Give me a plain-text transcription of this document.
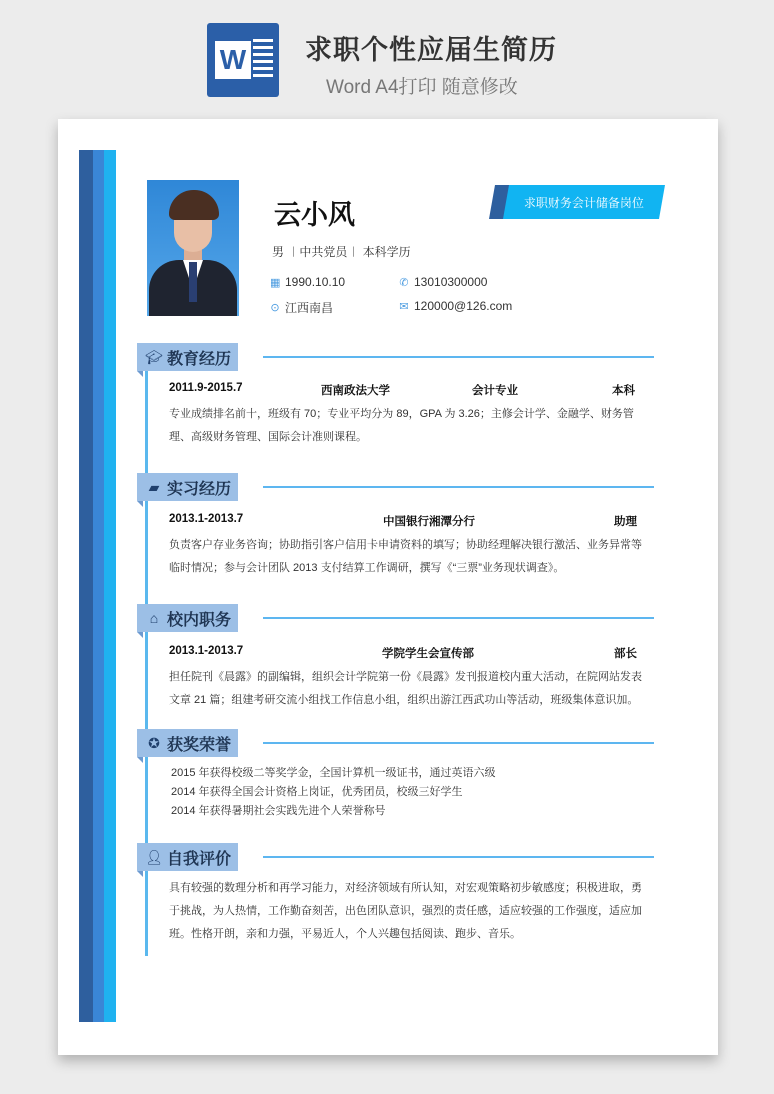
W 求职个性应届生简历
Word A4打印 随意修改
云小风
男 ︱中共党员︱ 本科学历
▦ 1990.10.10	✆ 13010300000
⊙ 江西南昌	✉ 120000@126.com
求职财务会计储备岗位
🎓︎ 教育经历
2011.9-2015.7	西南政法大学	会计专业	本科
专业成绩排名前十，班级有 70；专业平均分为 89，GPA 为 3.26；主修会计学、金融学、财务管理、高级财务管理、国际会计准则课程。
▰ 实习经历
2013.1-2013.7	中国银行湘潭分行	助理
负责客户存业务咨询；协助指引客户信用卡申请资料的填写；协助经理解决银行激活、业务异常等临时情况；参与会计团队 2013 支付结算工作调研，撰写《“三票”业务现状调查》。
⌂ 校内职务
2013.1-2013.7	学院学生会宣传部	部长
担任院刊《晨露》的副编辑，组织会计学院第一份《晨露》发刊报道校内重大活动，在院网站发表文章 21 篇；组建考研交流小组找工作信息小组，组织出游江西武功山等活动，班级集体意识加。
✪ 获奖荣誉
2015 年获得校级二等奖学金，全国计算机一级证书，通过英语六级
2014 年获得全国会计资格上岗证，优秀团员，校级三好学生
2014 年获得暑期社会实践先进个人荣誉称号
👤︎ 自我评价
具有较强的数理分析和再学习能力，对经济领域有所认知，对宏观策略初步敏感度；积极进取，勇于挑战，为人热情，工作勤奋刻苦，出色团队意识，强烈的责任感，适应较强的工作强度，适应加班。性格开朗，亲和力强，平易近人，个人兴趣包括阅读、跑步、音乐。
